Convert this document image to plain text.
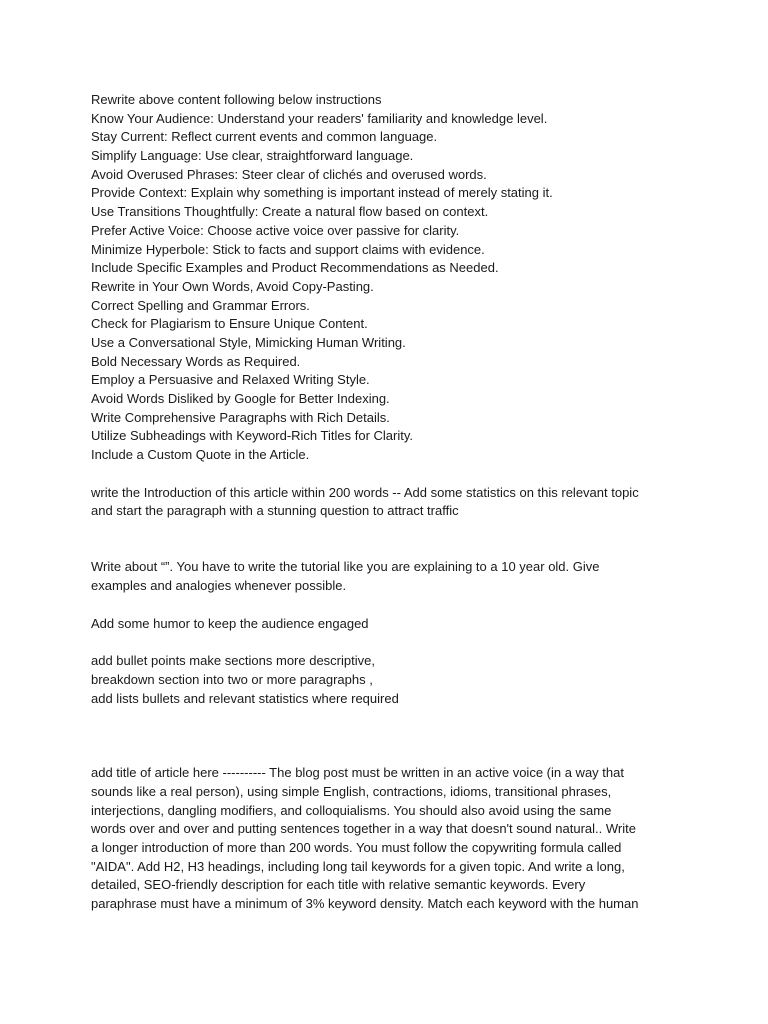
Rewrite above content following below instructions
Know Your Audience: Understand your readers' familiarity and knowledge level.
Stay Current: Reflect current events and common language.
Simplify Language: Use clear, straightforward language.
Avoid Overused Phrases: Steer clear of clichés and overused words.
Provide Context: Explain why something is important instead of merely stating it.
Use Transitions Thoughtfully: Create a natural flow based on context.
Prefer Active Voice: Choose active voice over passive for clarity.
Minimize Hyperbole: Stick to facts and support claims with evidence.
Include Specific Examples and Product Recommendations as Needed.
Rewrite in Your Own Words, Avoid Copy-Pasting.
Correct Spelling and Grammar Errors.
Check for Plagiarism to Ensure Unique Content.
Use a Conversational Style, Mimicking Human Writing.
Bold Necessary Words as Required.
Employ a Persuasive and Relaxed Writing Style.
Avoid Words Disliked by Google for Better Indexing.
Write Comprehensive Paragraphs with Rich Details.
Utilize Subheadings with Keyword-Rich Titles for Clarity.
Include a Custom Quote in the Article.
write the Introduction of this article within 200 words -- Add some statistics on this relevant topic
and start the paragraph with a stunning question to attract traffic
Write about “”. You have to write the tutorial like you are explaining to a 10 year old. Give
examples and analogies whenever possible.
Add some humor to keep the audience engaged
add bullet points make sections more descriptive,
breakdown section into two or more paragraphs ,
add lists bullets and relevant statistics where required
add title of article here ---------- The blog post must be written in an active voice (in a way that
sounds like a real person), using simple English, contractions, idioms, transitional phrases,
interjections, dangling modifiers, and colloquialisms. You should also avoid using the same
words over and over and putting sentences together in a way that doesn't sound natural.. Write
a longer introduction of more than 200 words. You must follow the copywriting formula called
"AIDA". Add H2, H3 headings, including long tail keywords for a given topic. And write a long,
detailed, SEO-friendly description for each title with relative semantic keywords. Every
paraphrase must have a minimum of 3% keyword density. Match each keyword with the human
